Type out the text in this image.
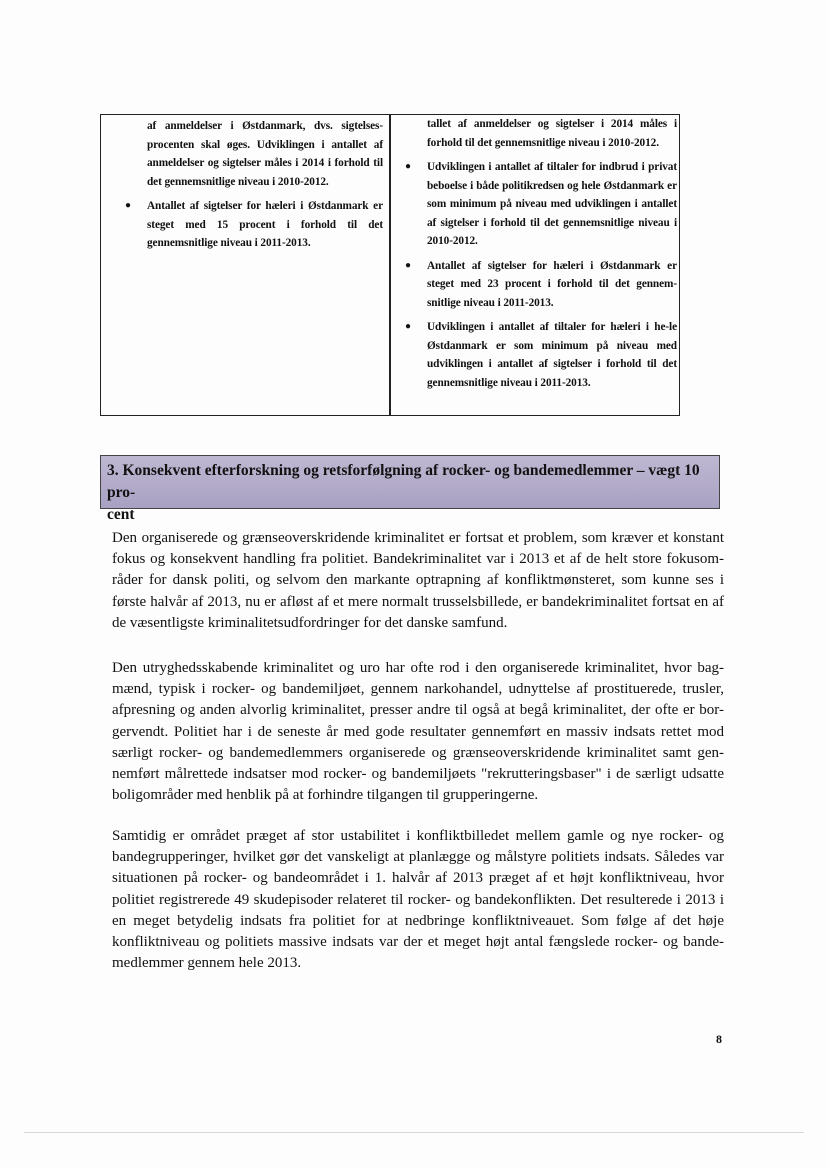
af anmeldelser i Østdanmark, dvs. sigtelses-procenten skal øges. Udviklingen i antallet af anmeldelser og sigtelser måles i 2014 i forhold til det gennemsnitlige niveau i 2010-2012.

● Antallet af sigtelser for hæleri i Østdanmark er steget med 15 procent i forhold til det gennemsnitlige niveau i 2011-2013.

tallet af anmeldelser og sigtelser i 2014 måles i forhold til det gennemsnitlige niveau i 2010-2012.

● Udviklingen i antallet af tiltaler for indbrud i privat beboelse i både politikredsen og hele Østdanmark er som minimum på niveau med udviklingen i antallet af sigtelser i forhold til det gennemsnitlige niveau i 2010-2012.
● Antallet af sigtelser for hæleri i Østdanmark er steget med 23 procent i forhold til det gennem-snitlige niveau i 2011-2013.
● Udviklingen i antallet af tiltaler for hæleri i he-le Østdanmark er som minimum på niveau med udviklingen i antallet af sigtelser i forhold til det gennemsnitlige niveau i 2011-2013.
3. Konsekvent efterforskning og retsforfølgning af rocker- og bandemedlemmer – vægt 10 pro-
cent
Den organiserede og grænseoverskridende kriminalitet er fortsat et problem, som kræver et konstant fokus og konsekvent handling fra politiet. Bandekriminalitet var i 2013 et af de helt store fokusom-råder for dansk politi, og selvom den markante optrapning af konfliktmønsteret, som kunne ses i første halvår af 2013, nu er afløst af et mere normalt trusselsbillede, er bandekriminalitet fortsat en af de væsentligste kriminalitetsudfordringer for det danske samfund.
Den utryghedsskabende kriminalitet og uro har ofte rod i den organiserede kriminalitet, hvor bag-mænd, typisk i rocker- og bandemiljøet, gennem narkohandel, udnyttelse af prostituerede, trusler, afpresning og anden alvorlig kriminalitet, presser andre til også at begå kriminalitet, der ofte er bor-gervendt. Politiet har i de seneste år med gode resultater gennemført en massiv indsats rettet mod særligt rocker- og bandemedlemmers organiserede og grænseoverskridende kriminalitet samt gen-nemført målrettede indsatser mod rocker- og bandemiljøets "rekrutteringsbaser" i de særligt udsatte boligområder med henblik på at forhindre tilgangen til grupperingerne.
Samtidig er området præget af stor ustabilitet i konfliktbilledet mellem gamle og nye rocker- og bandegrupperinger, hvilket gør det vanskeligt at planlægge og målstyre politiets indsats. Således var situationen på rocker- og bandeområdet i 1. halvår af 2013 præget af et højt konfliktniveau, hvor politiet registrerede 49 skudepisoder relateret til rocker- og bandekonflikten. Det resulterede i 2013 i en meget betydelig indsats fra politiet for at nedbringe konfliktniveauet. Som følge af det høje konfliktniveau og politiets massive indsats var der et meget højt antal fængslede rocker- og bande-medlemmer gennem hele 2013.
8
